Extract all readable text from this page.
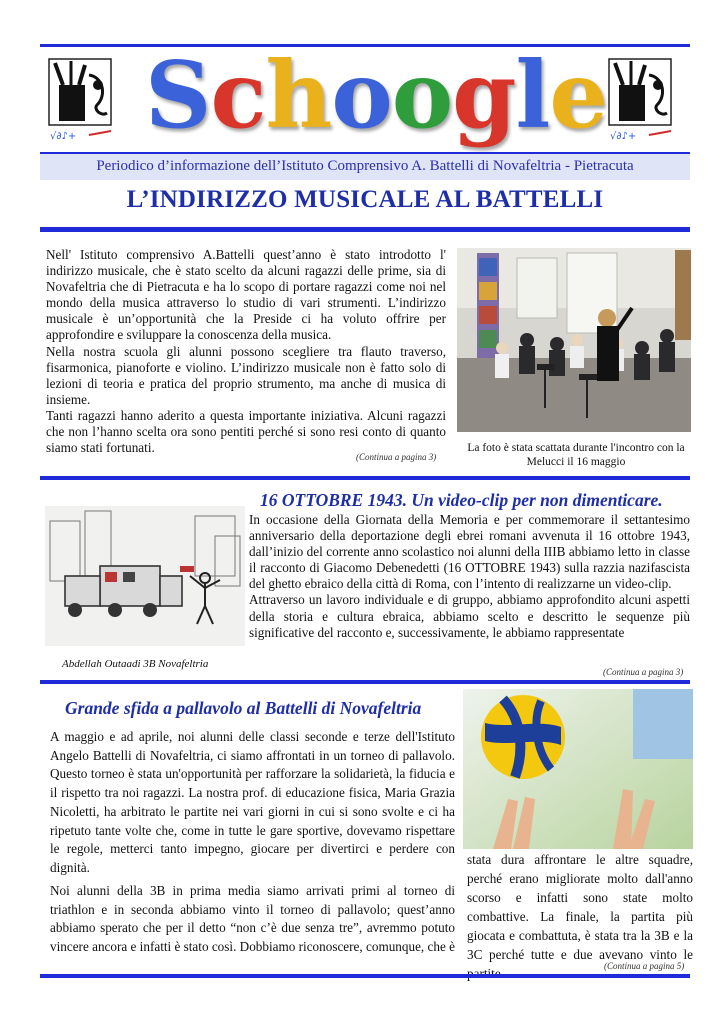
√∂♪+	√∂♪+
Schoogle
Periodico d’informazione dell’Istituto Comprensivo A. Battelli di Novafeltria - Pietracuta
L’INDIRIZZO MUSICALE AL BATTELLI
Nell' Istituto comprensivo A.Battelli quest’anno è stato introdotto l' indirizzo musicale, che è stato scelto da alcuni ragazzi delle prime, sia di Novafeltria che di Pietracuta e ha lo scopo di portare ragazzi come noi nel mondo della musica attraverso lo studio di vari strumenti. L’indirizzo musicale è un’opportunità che la Preside ci ha voluto offrire per approfondire e sviluppare la conoscenza della musica.
Nella nostra scuola gli alunni possono scegliere tra flauto traverso, fisarmonica, pianoforte e violino. L’indirizzo musicale non è fatto solo di lezioni di teoria e pratica del proprio strumento, ma anche di musica di insieme.
Tanti ragazzi hanno aderito a questa importante iniziativa. Alcuni ragazzi che non l’hanno scelta ora sono pentiti perché si sono resi conto di quanto siamo stati fortunati.
(Continua a pagina 3)
La foto è stata scattata durante l'incontro con la Melucci il 16 maggio
16 OTTOBRE 1943. Un video-clip per non dimenticare.
In occasione della Giornata della Memoria e per commemorare il settantesimo anniversario della deportazione degli ebrei romani avvenuta il 16 ottobre 1943, dall’inizio del corrente anno scolastico noi alunni della IIIB abbiamo letto in classe il racconto di Giacomo Debenedetti (16 OTTOBRE 1943) sulla razzia nazifascista del ghetto ebraico della città di Roma, con l’intento di realizzarne un video-clip.
Attraverso un lavoro individuale e di gruppo, abbiamo approfondito alcuni aspetti della storia e cultura ebraica, abbiamo scelto e descritto le sequenze più significative del racconto e, successivamente, le abbiamo rappresentate
Abdellah Outaadi 3B Novafeltria
(Continua a pagina 3)
Grande sfida a pallavolo al Battelli di Novafeltria
A maggio e ad aprile, noi alunni delle classi seconde e terze dell'Istituto Angelo Battelli di Novafeltria, ci siamo affrontati in un torneo di pallavolo. Questo torneo è stata un'opportunità per rafforzare la solidarietà, la fiducia e il rispetto tra noi ragazzi. La nostra prof. di educazione fisica, Maria Grazia Nicoletti, ha arbitrato le partite nei vari giorni in cui si sono svolte e ci ha ripetuto tante volte che, come in tutte le gare sportive, dovevamo rispettare le regole, metterci tanto impegno, giocare per divertirci e perdere con dignità.
Noi alunni della 3B in prima media siamo arrivati primi al torneo di triathlon e in seconda abbiamo vinto il torneo di pallavolo; quest’anno abbiamo sperato che per il detto “non c’è due senza tre”, avremmo potuto vincere ancora e infatti è stato così. Dobbiamo riconoscere, comunque, che è
stata dura affrontare le altre squadre, perché erano migliorate molto dall'anno scorso e infatti sono state molto combattive. La finale, la partita più giocata e combattuta, è stata tra la 3B e la 3C perché tutte e due avevano vinto le
(Continua a pagina 5)
